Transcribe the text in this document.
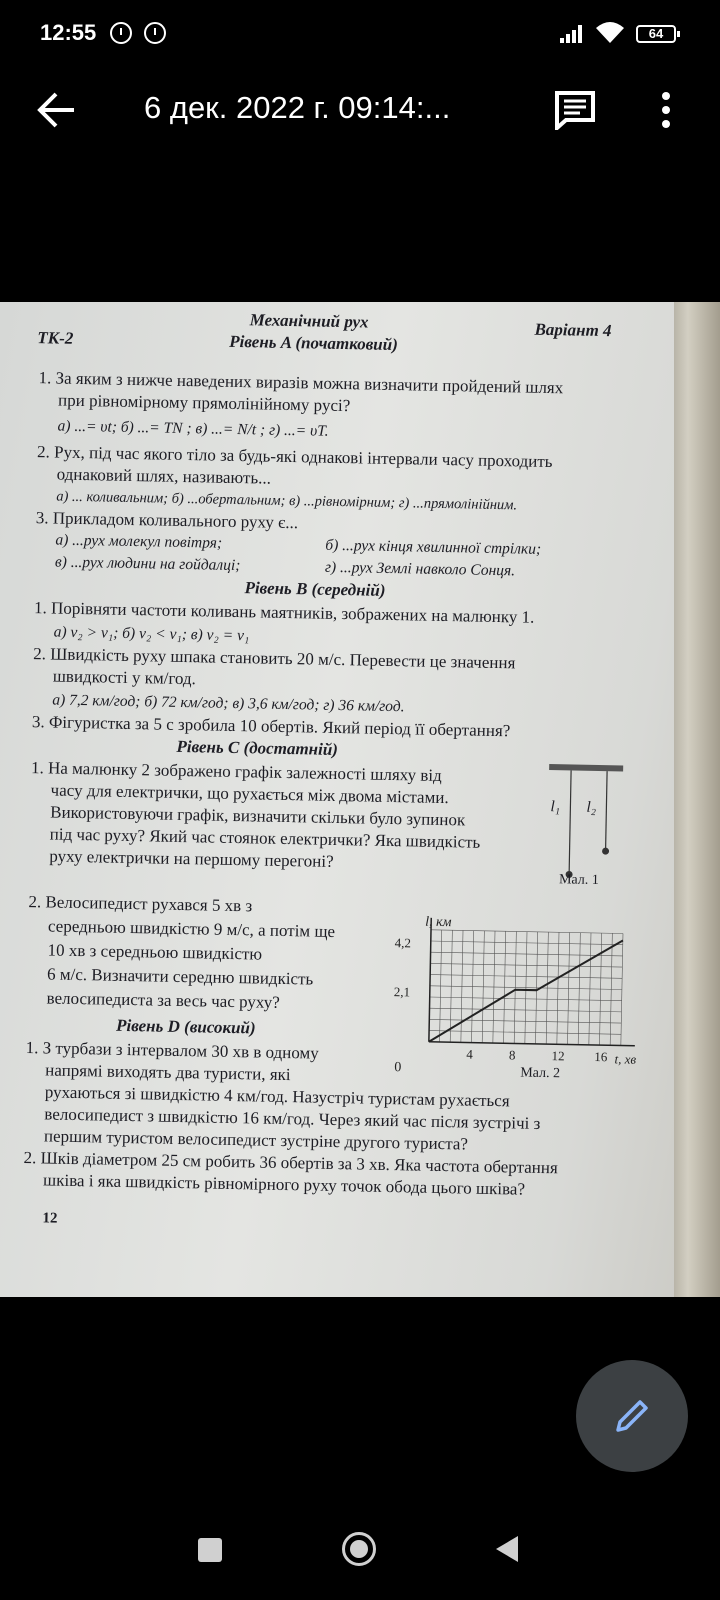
12:55	64
6 дек. 2022 г. 09:14:...
Механічний рух
ТК-2	Рівень A (початковий)
Варіант 4
1. За яким з нижче наведених виразів можна визначити пройдений шлях
при рівномірному прямолінійному русі?
а) ...= υt; б) ...= TN ; в) ...= N/t ; г) ...= υT.
2. Рух, під час якого тіло за будь-які однакові інтервали часу проходить
однаковий шлях, називають...
а) ... коливальним; б) ...обертальним; в) ...рівномірним; г) ...прямолінійним.
3. Прикладом коливального руху є...
а) ...рух молекул повітря;	б) ...рух кінця хвилинної стрілки;
в) ...рух людини на гойдалці;	г) ...рух Землі навколо Сонця.
Рівень B (середній)
1. Порівняти частоти коливань маятників, зображених на малюнку 1.
а) ν₂ > ν₁; б) ν₂ < ν₁; в) ν₂ = ν₁
2. Швидкість руху шпака становить 20 м/с. Перевести це значення
швидкості у км/год.
а) 7,2 км/год; б) 72 км/год; в) 3,6 км/год; г) 36 км/год.
3. Фігуристка за 5 с зробила 10 обертів. Який період її обертання?
Рівень C (достатній)
1. На малюнку 2 зображено графік залежності шляху від
часу для електрички, що рухається між двома містами.
Використовуючи графік, визначити скільки було зупинок
під час руху? Який час стоянок електрички? Яка швидкість
руху електрички на першому перегоні?
l₁ l₂
Мал. 1
2. Велосипедист рухався 5 хв з
середньою швидкістю 9 м/с, а потім ще
10 хв з середньою швидкістю
6 м/с. Визначити середню швидкість
велосипедиста за весь час руху?
4	8	12 16
2,1
4,2
0
l, км
t, хв
Рівень D (високий)
1. З турбази з інтервалом 30 хв в одному
напрямі виходять два туристи, які	Мал. 2
рухаються зі швидкістю 4 км/год. Назустріч туристам рухається
велосипедист з швидкістю 16 км/год. Через який час після зустрічі з
першим туристом велосипедист зустріне другого туриста?
2. Шків діаметром 25 см робить 36 обертів за 3 хв. Яка частота обертання
шківа і яка швидкість рівномірного руху точок обода цього шківа?
12
